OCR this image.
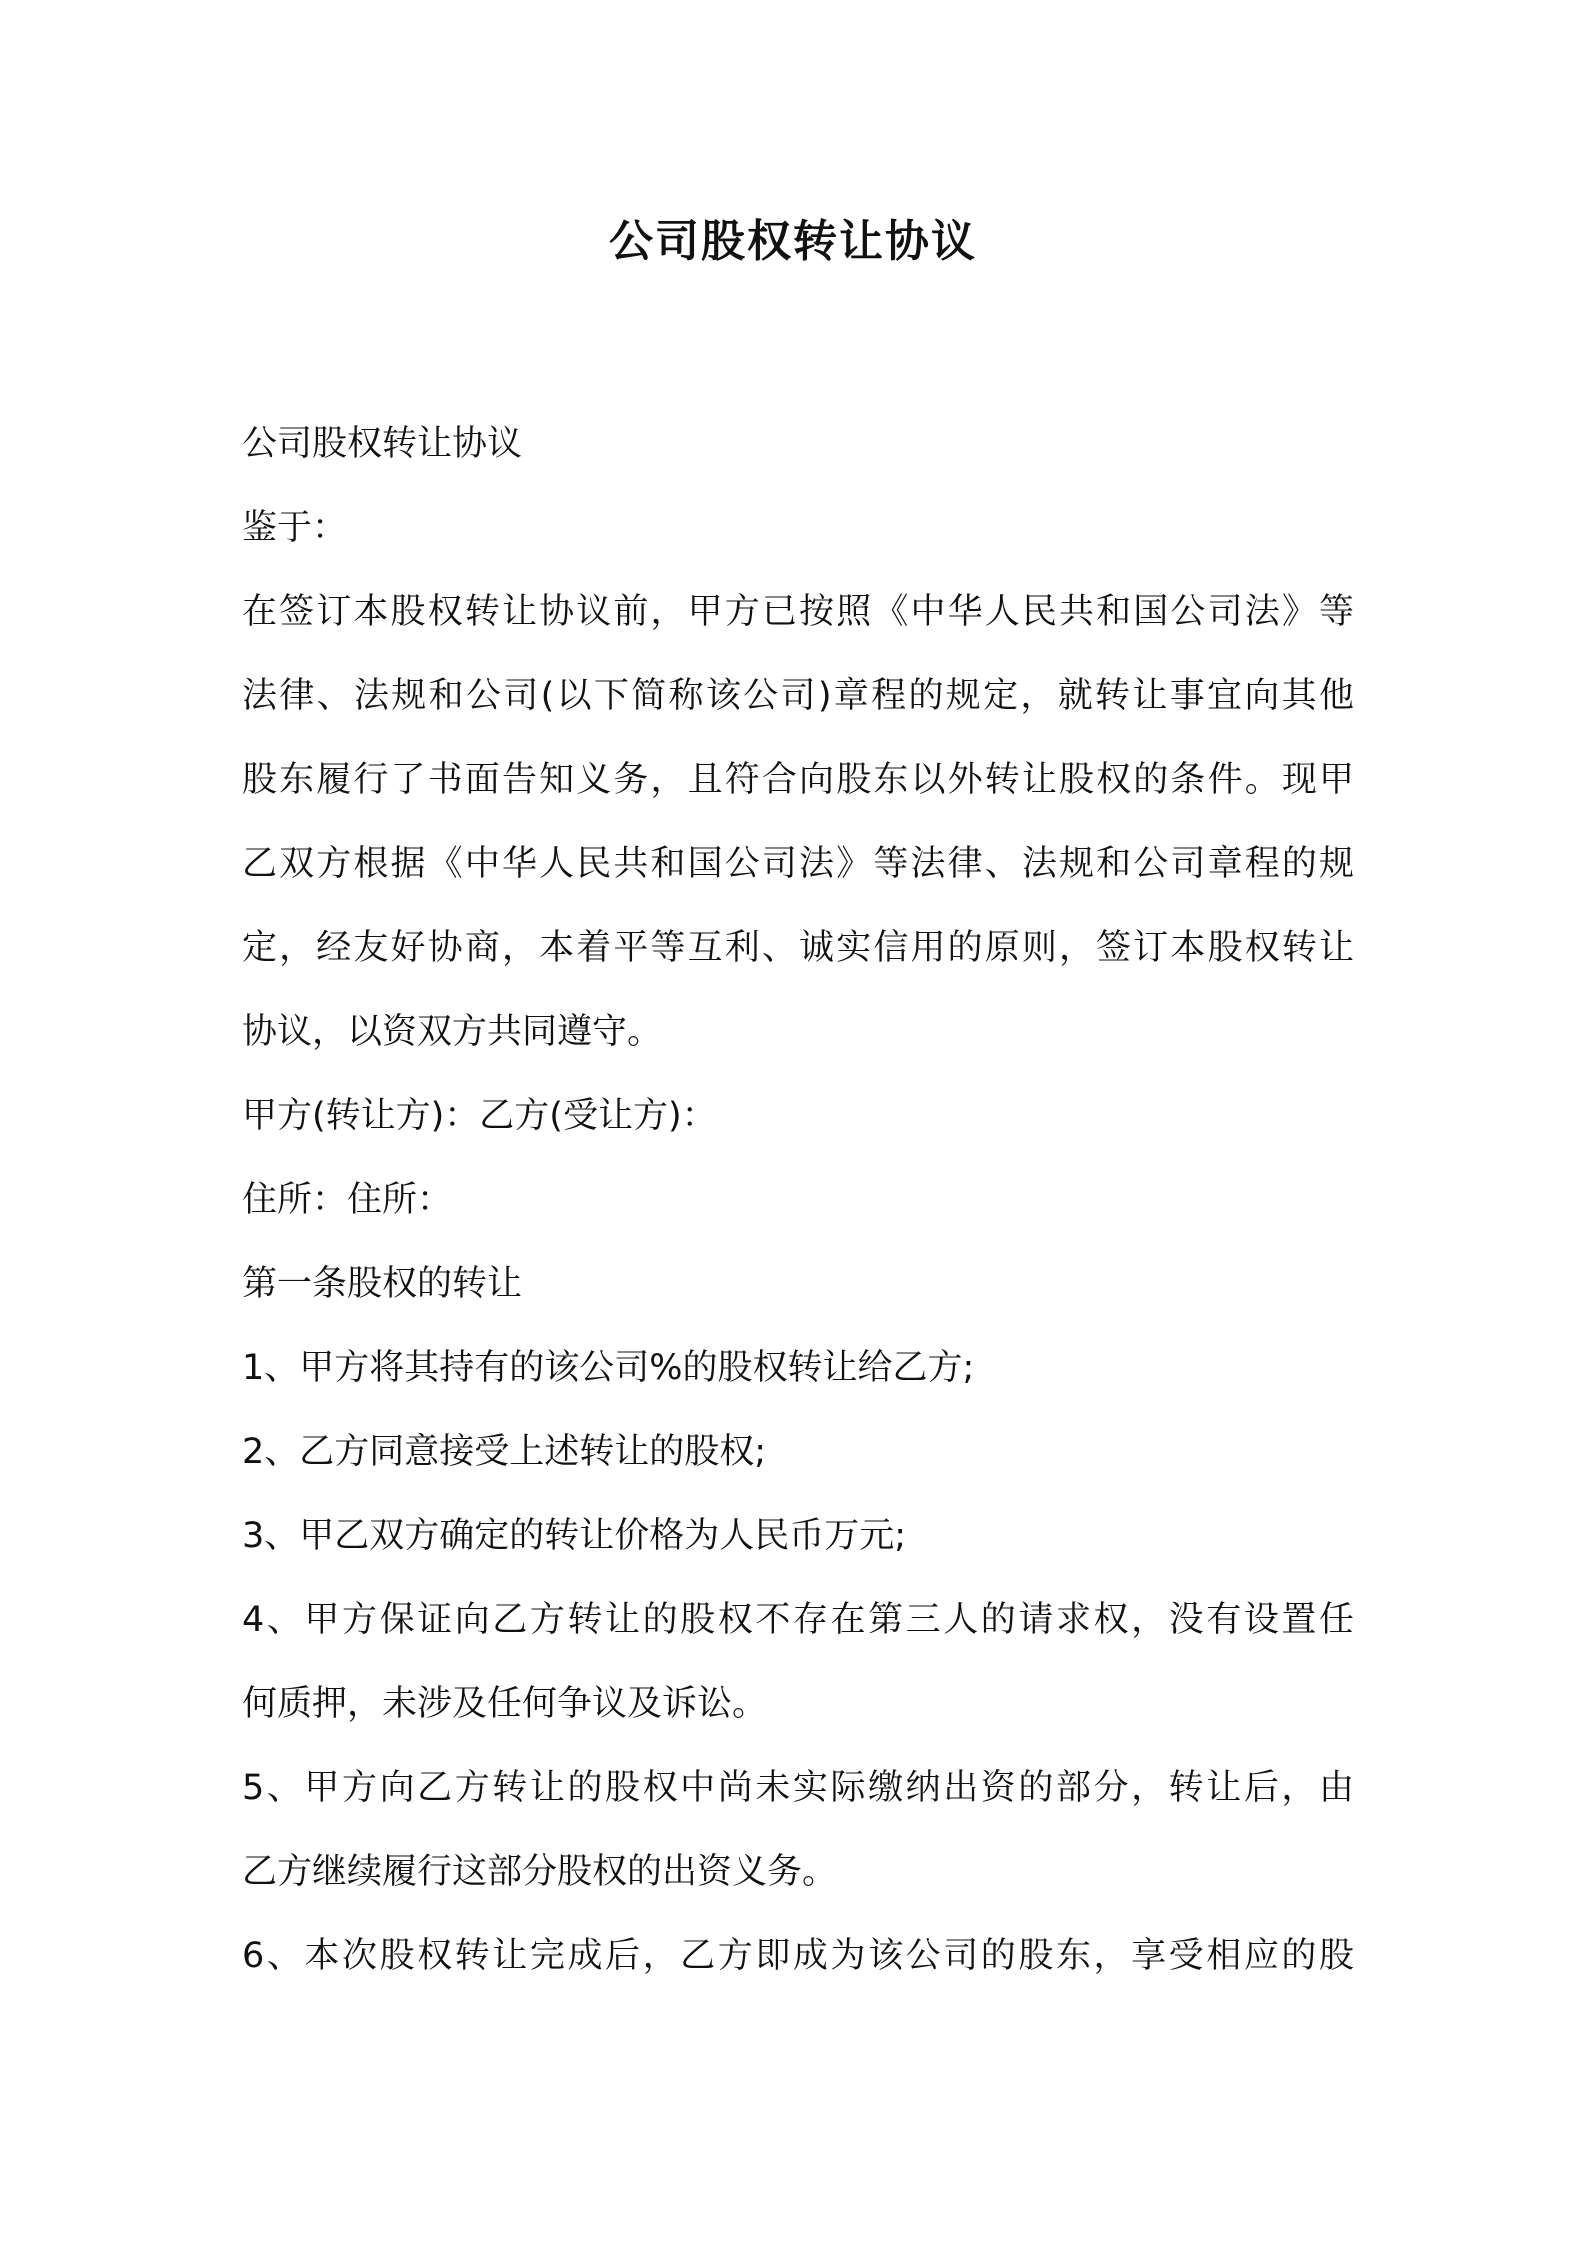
公司股权转让协议

公司股权转让协议

鉴于：

在签订本股权转让协议前，甲方已按照《中华人民共和国公司法》等

法律、法规和公司(以下简称该公司)章程的规定，就转让事宜向其他

股东履行了书面告知义务，且符合向股东以外转让股权的条件。现甲

乙双方根据《中华人民共和国公司法》等法律、法规和公司章程的规

定，经友好协商，本着平等互利、诚实信用的原则，签订本股权转让

协议，以资双方共同遵守。

甲方(转让方)：乙方(受让方)：

住所：住所：

第一条股权的转让

1、甲方将其持有的该公司%的股权转让给乙方;

2、乙方同意接受上述转让的股权;

3、甲乙双方确定的转让价格为人民币万元;

4、甲方保证向乙方转让的股权不存在第三人的请求权，没有设置任

何质押，未涉及任何争议及诉讼。

5、甲方向乙方转让的股权中尚未实际缴纳出资的部分，转让后，由

乙方继续履行这部分股权的出资义务。

6、本次股权转让完成后，乙方即成为该公司的股东，享受相应的股
